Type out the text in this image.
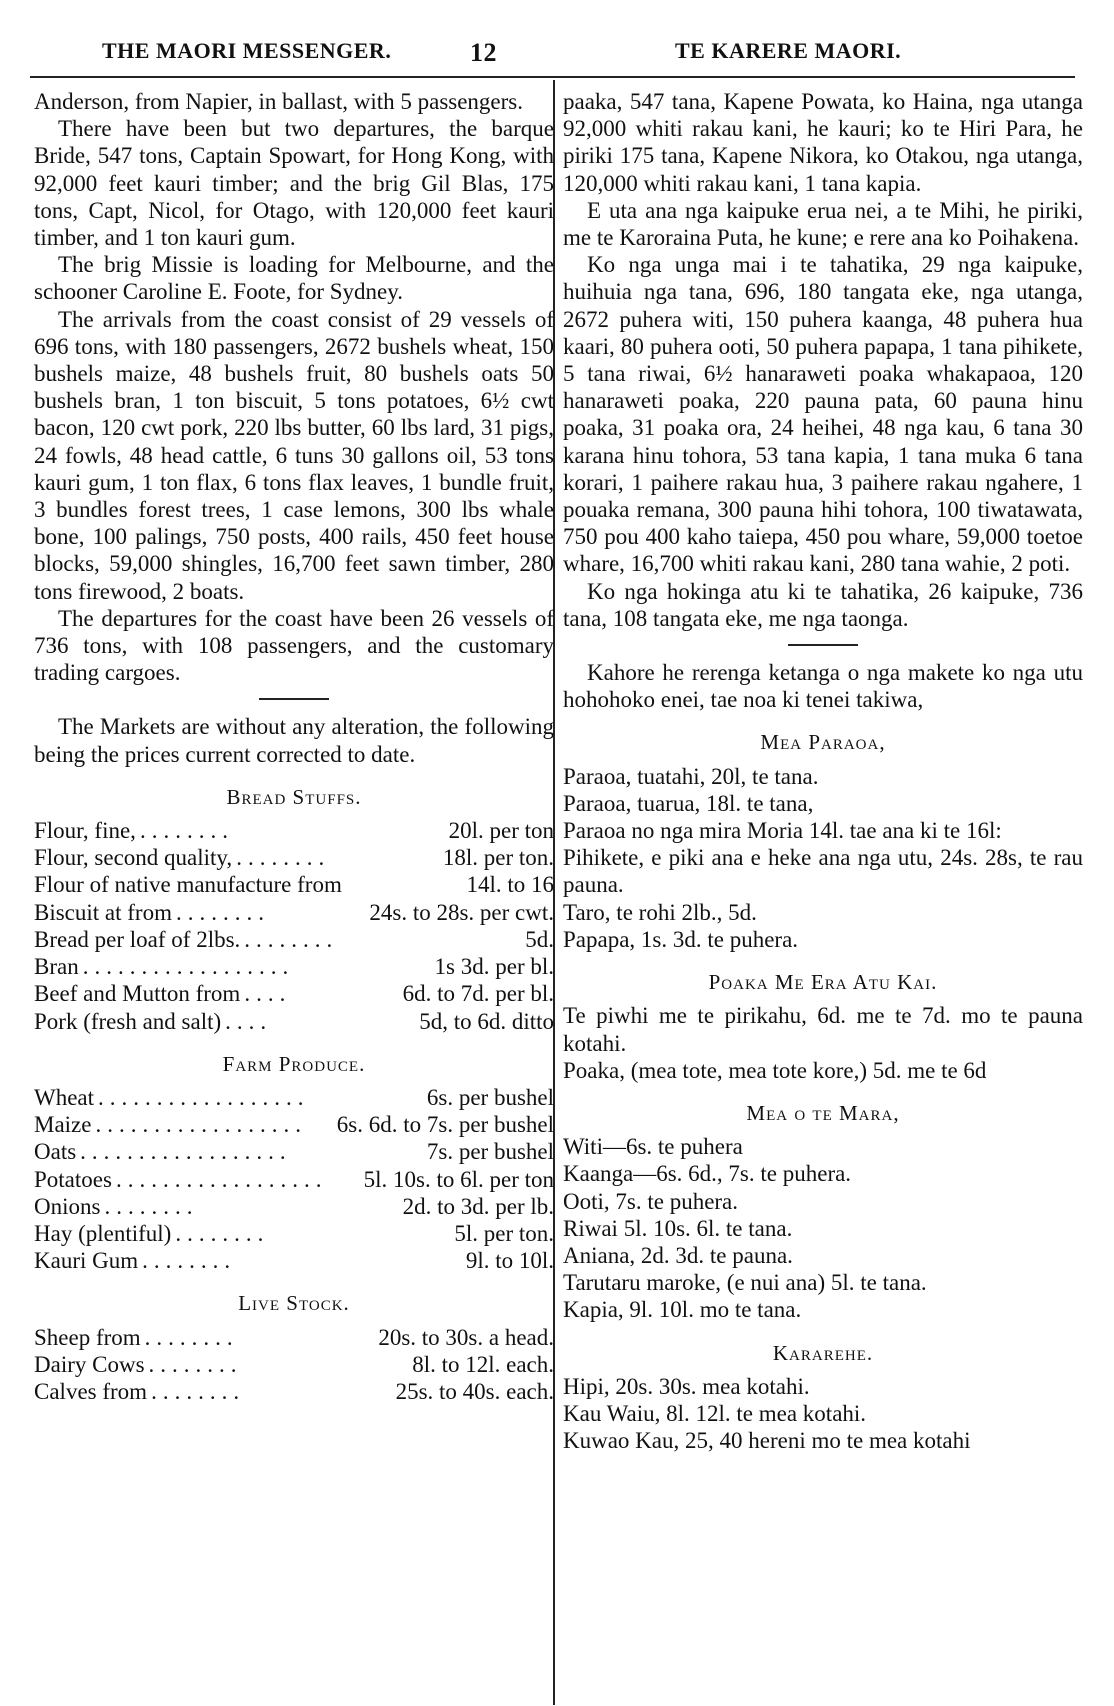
THE MAORI MESSENGER.	12	TE KARERE MAORI.

Anderson, from Napier, in ballast, with 5 passengers.

There have been but two departures, the barque Bride, 547 tons, Captain Spowart, for Hong Kong, with 92,000 feet kauri timber; and the brig Gil Blas, 175 tons, Capt, Nicol, for Otago, with 120,000 feet kauri timber, and 1 ton kauri gum.

The brig Missie is loading for Melbourne, and the schooner Caroline E. Foote, for Sydney.

The arrivals from the coast consist of 29 vessels of 696 tons, with 180 passengers, 2672 bushels wheat, 150 bushels maize, 48 bushels fruit, 80 bushels oats 50 bushels bran, 1 ton biscuit, 5 tons potatoes, 6½ cwt bacon, 120 cwt pork, 220 lbs butter, 60 lbs lard, 31 pigs, 24 fowls, 48 head cattle, 6 tuns 30 gallons oil, 53 tons kauri gum, 1 ton flax, 6 tons flax leaves, 1 bundle fruit, 3 bundles forest trees, 1 case lemons, 300 lbs whale bone, 100 palings, 750 posts, 400 rails, 450 feet house blocks, 59,000 shingles, 16,700 feet sawn timber, 280 tons firewood, 2 boats.

The departures for the coast have been 26 vessels of 736 tons, with 108 passengers, and the customary trading cargoes.

The Markets are without any alteration, the following being the prices current corrected to date.

Bread Stuffs.
Flour, fine, ........	20l. per ton
Flour, second quality, ........	18l. per ton.
Flour of native manufacture from	14l. to 16
Biscuit at from ........	24s. to 28s. per cwt.
Bread per loaf of 2lbs. ........	5d.
Bran ..................	1s 3d. per bl.
Beef and Mutton from ....	6d. to 7d. per bl.
Pork (fresh and salt) ....	5d, to 6d. ditto
Farm Produce.
Wheat ..................	6s. per bushel
Maize ..................	6s. 6d. to 7s. per bushel
Oats ..................	7s. per bushel
Potatoes ..................	5l. 10s. to 6l. per ton
Onions ........	2d. to 3d. per lb.
Hay (plentiful) ........	5l. per ton.
Kauri Gum ........	9l. to 10l.
Live Stock.
Sheep from ........	20s. to 30s. a head.
Dairy Cows ........	8l. to 12l. each.
Calves from ........	25s. to 40s. each.

paaka, 547 tana, Kapene Powata, ko Haina, nga utanga 92,000 whiti rakau kani, he kauri; ko te Hiri Para, he piriki 175 tana, Kapene Nikora, ko Otakou, nga utanga, 120,000 whiti rakau kani, 1 tana kapia.

E uta ana nga kaipuke erua nei, a te Mihi, he piriki, me te Karoraina Puta, he kune; e rere ana ko Poihakena.

Ko nga unga mai i te tahatika, 29 nga kaipuke, huihuia nga tana, 696, 180 tangata eke, nga utanga, 2672 puhera witi, 150 puhera kaanga, 48 puhera hua kaari, 80 puhera ooti, 50 puhera papapa, 1 tana pihikete, 5 tana riwai, 6½ hanaraweti poaka whakapaoa, 120 hanaraweti poaka, 220 pauna pata, 60 pauna hinu poaka, 31 poaka ora, 24 heihei, 48 nga kau, 6 tana 30 karana hinu tohora, 53 tana kapia, 1 tana muka 6 tana korari, 1 paihere rakau hua, 3 paihere rakau ngahere, 1 pouaka remana, 300 pauna hihi tohora, 100 tiwatawata, 750 pou 400 kaho taiepa, 450 pou whare, 59,000 toetoe whare, 16,700 whiti rakau kani, 280 tana wahie, 2 poti.

Ko nga hokinga atu ki te tahatika, 26 kaipuke, 736 tana, 108 tangata eke, me nga taonga.

Kahore he rerenga ketanga o nga makete ko nga utu hohohoko enei, tae noa ki tenei takiwa,

Mea Paraoa,

Paraoa, tuatahi, 20l, te tana.

Paraoa, tuarua, 18l. te tana,

Paraoa no nga mira Moria 14l. tae ana ki te 16l:

Pihikete, e piki ana e heke ana nga utu, 24s. 28s, te rau pauna.

Taro, te rohi 2lb., 5d.

Papapa, 1s. 3d. te puhera.

Poaka Me Era Atu Kai.

Te piwhi me te pirikahu, 6d. me te 7d. mo te pauna kotahi.

Poaka, (mea tote, mea tote kore,) 5d. me te 6d

Mea o te Mara,

Witi—6s. te puhera

Kaanga—6s. 6d., 7s. te puhera.

Ooti, 7s. te puhera.

Riwai 5l. 10s. 6l. te tana.

Aniana, 2d. 3d. te pauna.

Tarutaru maroke, (e nui ana) 5l. te tana.

Kapia, 9l. 10l. mo te tana.

Kararehe.

Hipi, 20s. 30s. mea kotahi.

Kau Waiu, 8l. 12l. te mea kotahi.

Kuwao Kau, 25, 40 hereni mo te mea kotahi
